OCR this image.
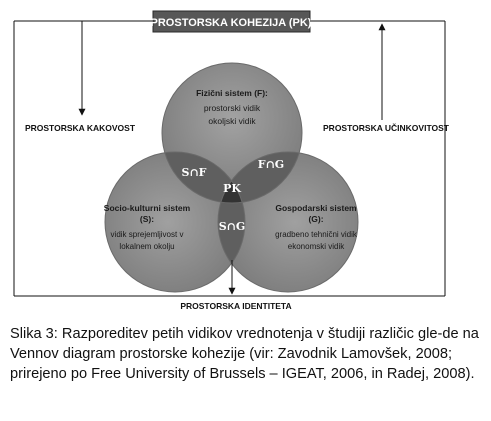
PROSTORSKA KOHEZIJA (PK)
PROSTORSKA KAKOVOST	PROSTORSKA UČINKOVITOST
PROSTORSKA IDENTITETA
Fizični sistem (F):
prostorski vidik
okoljski vidik
Socio-kulturni sistem
(S):
vidik sprejemljivost v
lokalnem okolju
Gospodarski sistem
(G):
gradbeno tehnični vidik
ekonomski vidik
S∩F
F∩G
S∩G
PK
Slika 3: Razporeditev petih vidikov vrednotenja v študiji različic gle-de na Vennov diagram prostorske kohezije (vir: Zavodnik Lamovšek, 2008; prirejeno po Free University of Brussels – IGEAT, 2006, in Radej, 2008).
